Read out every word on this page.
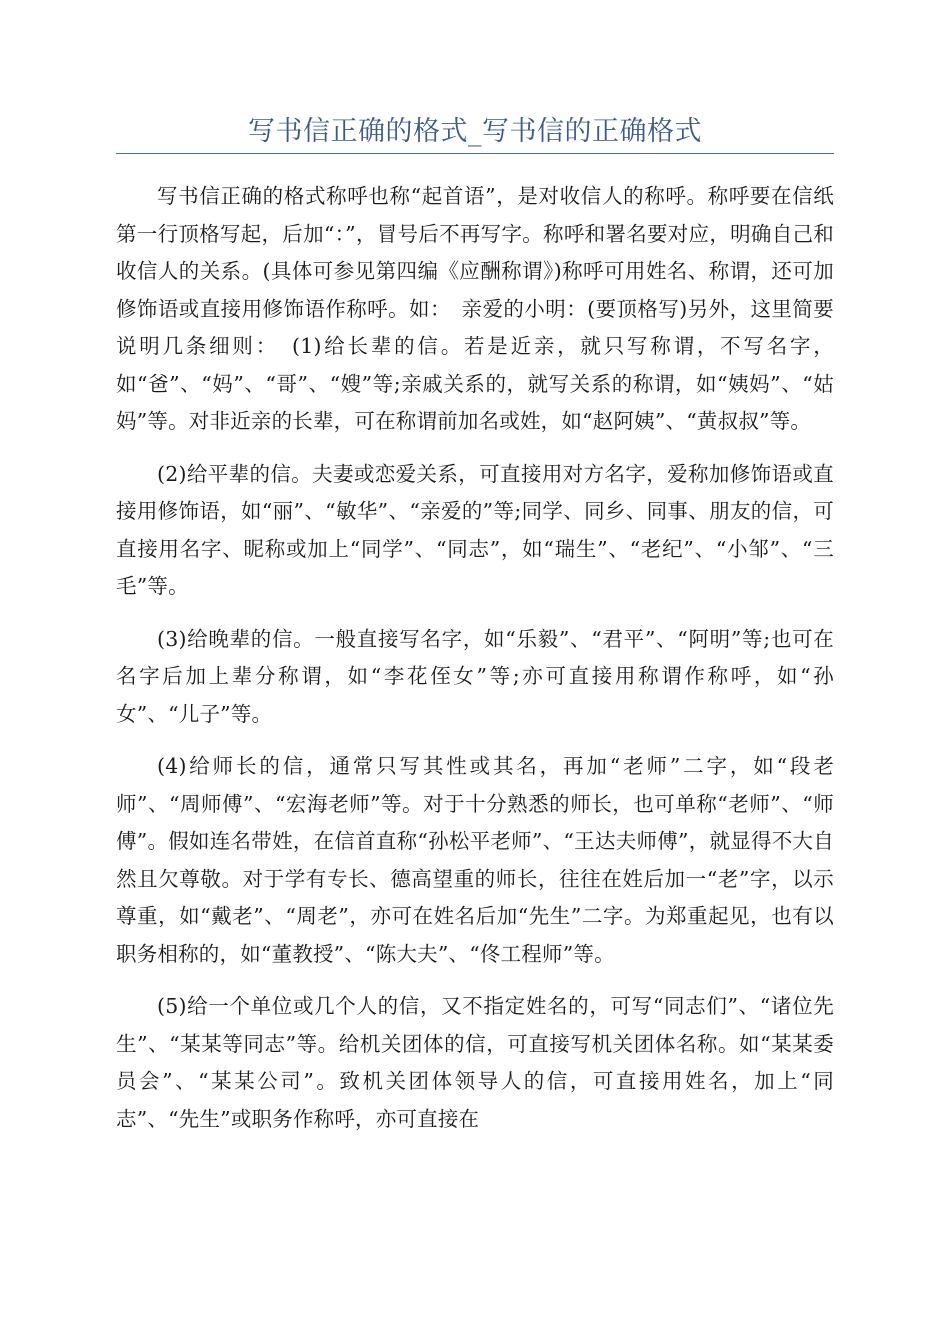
写书信正确的格式_写书信的正确格式

写书信正确的格式称呼也称“起首语”，是对收信人的称呼。称呼要在信纸第一行顶格写起，后加“：”，冒号后不再写字。称呼和署名要对应，明确自己和收信人的关系。(具体可参见第四编《应酬称谓》)称呼可用姓名、称谓，还可加修饰语或直接用修饰语作称呼。如：　亲爱的小明：(要顶格写)另外，这里简要说明几条细则：　(1)给长辈的信。若是近亲，就只写称谓，不写名字，如“爸”、“妈”、“哥”、“嫂”等;亲戚关系的，就写关系的称谓，如“姨妈”、“姑妈”等。对非近亲的长辈，可在称谓前加名或姓，如“赵阿姨”、“黄叔叔”等。

(2)给平辈的信。夫妻或恋爱关系，可直接用对方名字，爱称加修饰语或直接用修饰语，如“丽”、“敏华”、“亲爱的”等;同学、同乡、同事、朋友的信，可直接用名字、昵称或加上“同学”、“同志”，如“瑞生”、“老纪”、“小邹”、“三毛”等。

(3)给晚辈的信。一般直接写名字，如“乐毅”、“君平”、“阿明”等;也可在名字后加上辈分称谓，如“李花侄女”等;亦可直接用称谓作称呼，如“孙女”、“儿子”等。

(4)给师长的信，通常只写其性或其名，再加“老师”二字，如“段老师”、“周师傅”、“宏海老师”等。对于十分熟悉的师长，也可单称“老师”、“师傅”。假如连名带姓，在信首直称“孙松平老师”、“王达夫师傅”，就显得不大自然且欠尊敬。对于学有专长、德高望重的师长，往往在姓后加一“老”字，以示尊重，如“戴老”、“周老”，亦可在姓名后加“先生”二字。为郑重起见，也有以职务相称的，如“董教授”、“陈大夫”、“佟工程师”等。

(5)给一个单位或几个人的信，又不指定姓名的，可写“同志们”、“诸位先生”、“某某等同志”等。给机关团体的信，可直接写机关团体名称。如“某某委员会”、“某某公司”。致机关团体领导人的信，可直接用姓名，加上“同志”、“先生”或职务作称呼，亦可直接在
